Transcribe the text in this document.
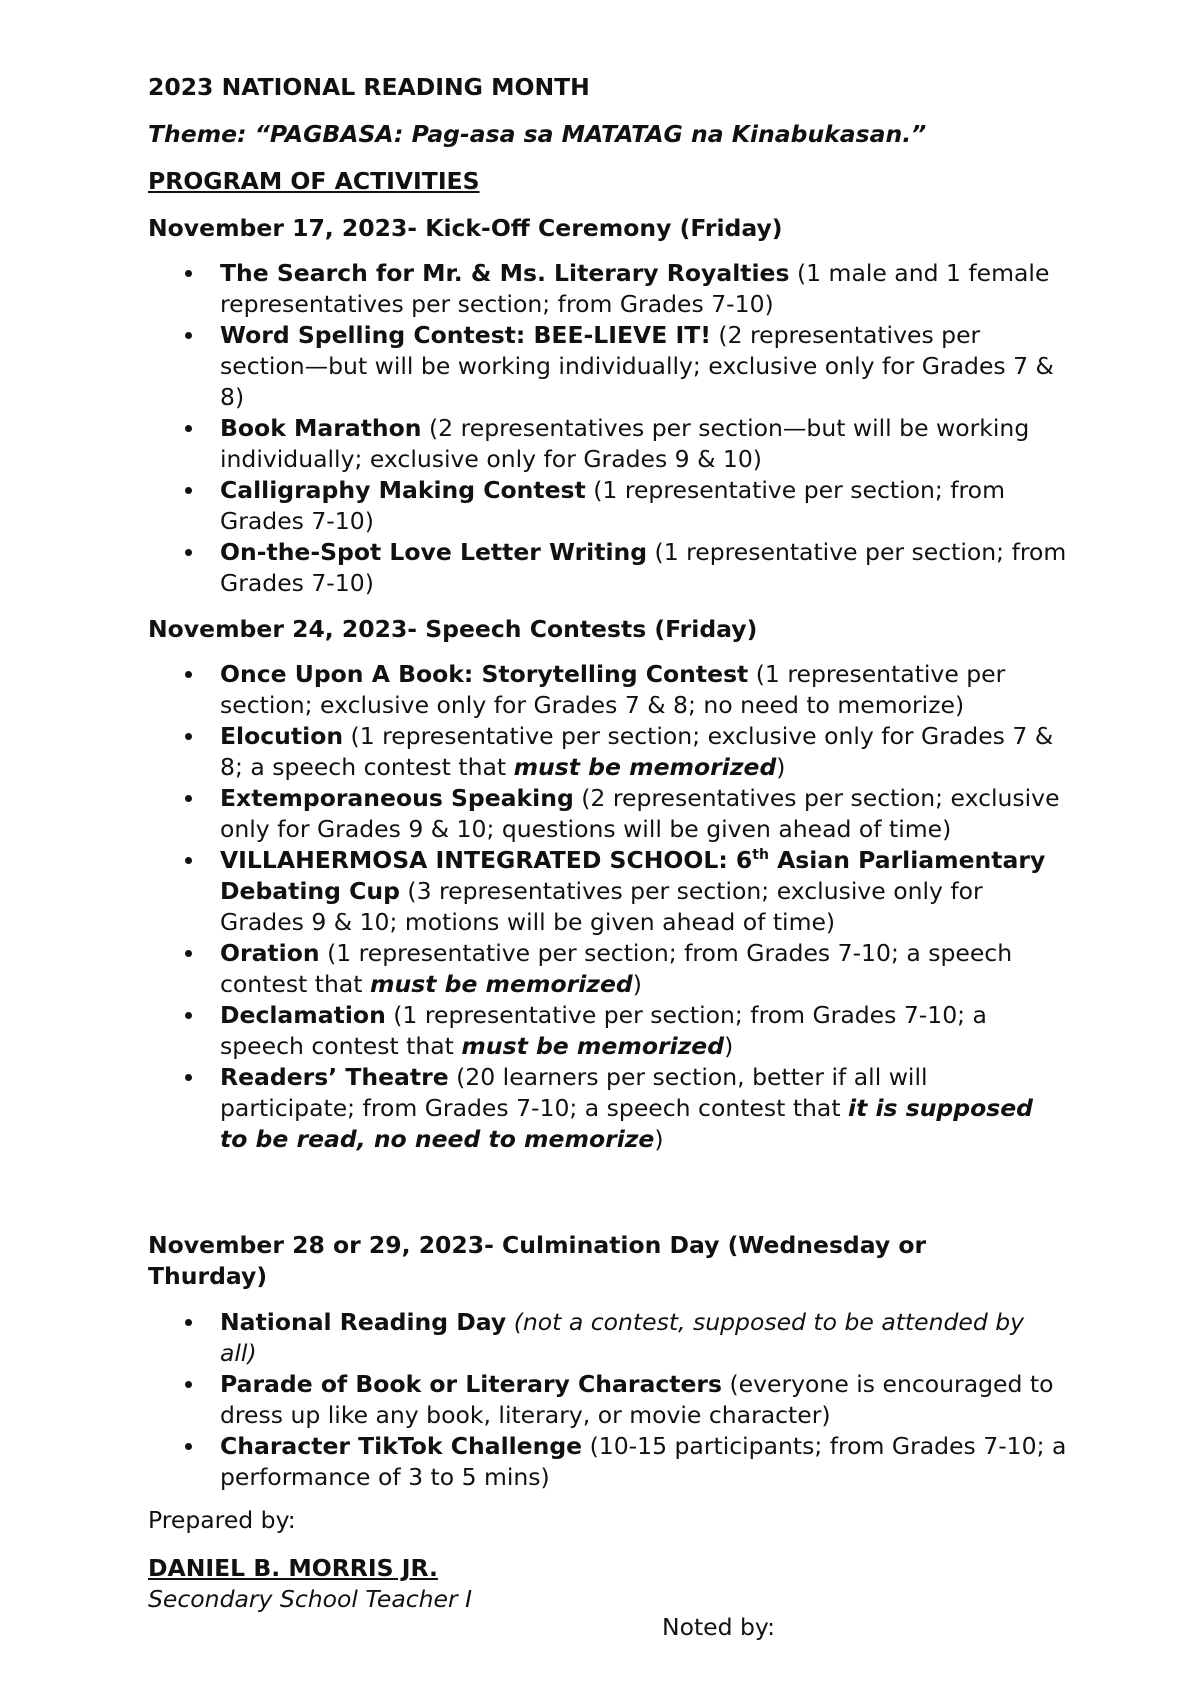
2023 NATIONAL READING MONTH

Theme: “PAGBASA: Pag-asa sa MATATAG na Kinabukasan.”

PROGRAM OF ACTIVITIES

November 17, 2023- Kick-Off Ceremony (Friday)

The Search for Mr. & Ms. Literary Royalties (1 male and 1 female representatives per section; from Grades 7-10)
Word Spelling Contest: BEE-LIEVE IT! (2 representatives per section—but will be working individually; exclusive only for Grades 7 & 8)
Book Marathon (2 representatives per section—but will be working individually; exclusive only for Grades 9 & 10)
Calligraphy Making Contest (1 representative per section; from Grades 7-10)
On-the-Spot Love Letter Writing (1 representative per section; from Grades 7-10)

November 24, 2023- Speech Contests (Friday)

Once Upon A Book: Storytelling Contest (1 representative per section; exclusive only for Grades 7 & 8; no need to memorize)
Elocution (1 representative per section; exclusive only for Grades 7 & 8; a speech contest that must be memorized)
Extemporaneous Speaking (2 representatives per section; exclusive only for Grades 9 & 10; questions will be given ahead of time)
VILLAHERMOSA INTEGRATED SCHOOL: 6th Asian Parliamentary Debating Cup (3 representatives per section; exclusive only for Grades 9 & 10; motions will be given ahead of time)
Oration (1 representative per section; from Grades 7-10; a speech contest that must be memorized)
Declamation (1 representative per section; from Grades 7-10; a speech contest that must be memorized)
Readers’ Theatre (20 learners per section, better if all will participate; from Grades 7-10; a speech contest that it is supposed to be read, no need to memorize)

November 28 or 29, 2023- Culmination Day (Wednesday or Thurday)

National Reading Day (not a contest, supposed to be attended by all)
Parade of Book or Literary Characters (everyone is encouraged to dress up like any book, literary, or movie character)
Character TikTok Challenge (10-15 participants; from Grades 7-10; a performance of 3 to 5 mins)

Prepared by:

DANIEL B. MORRIS JR.

Secondary School Teacher I

Noted by:
